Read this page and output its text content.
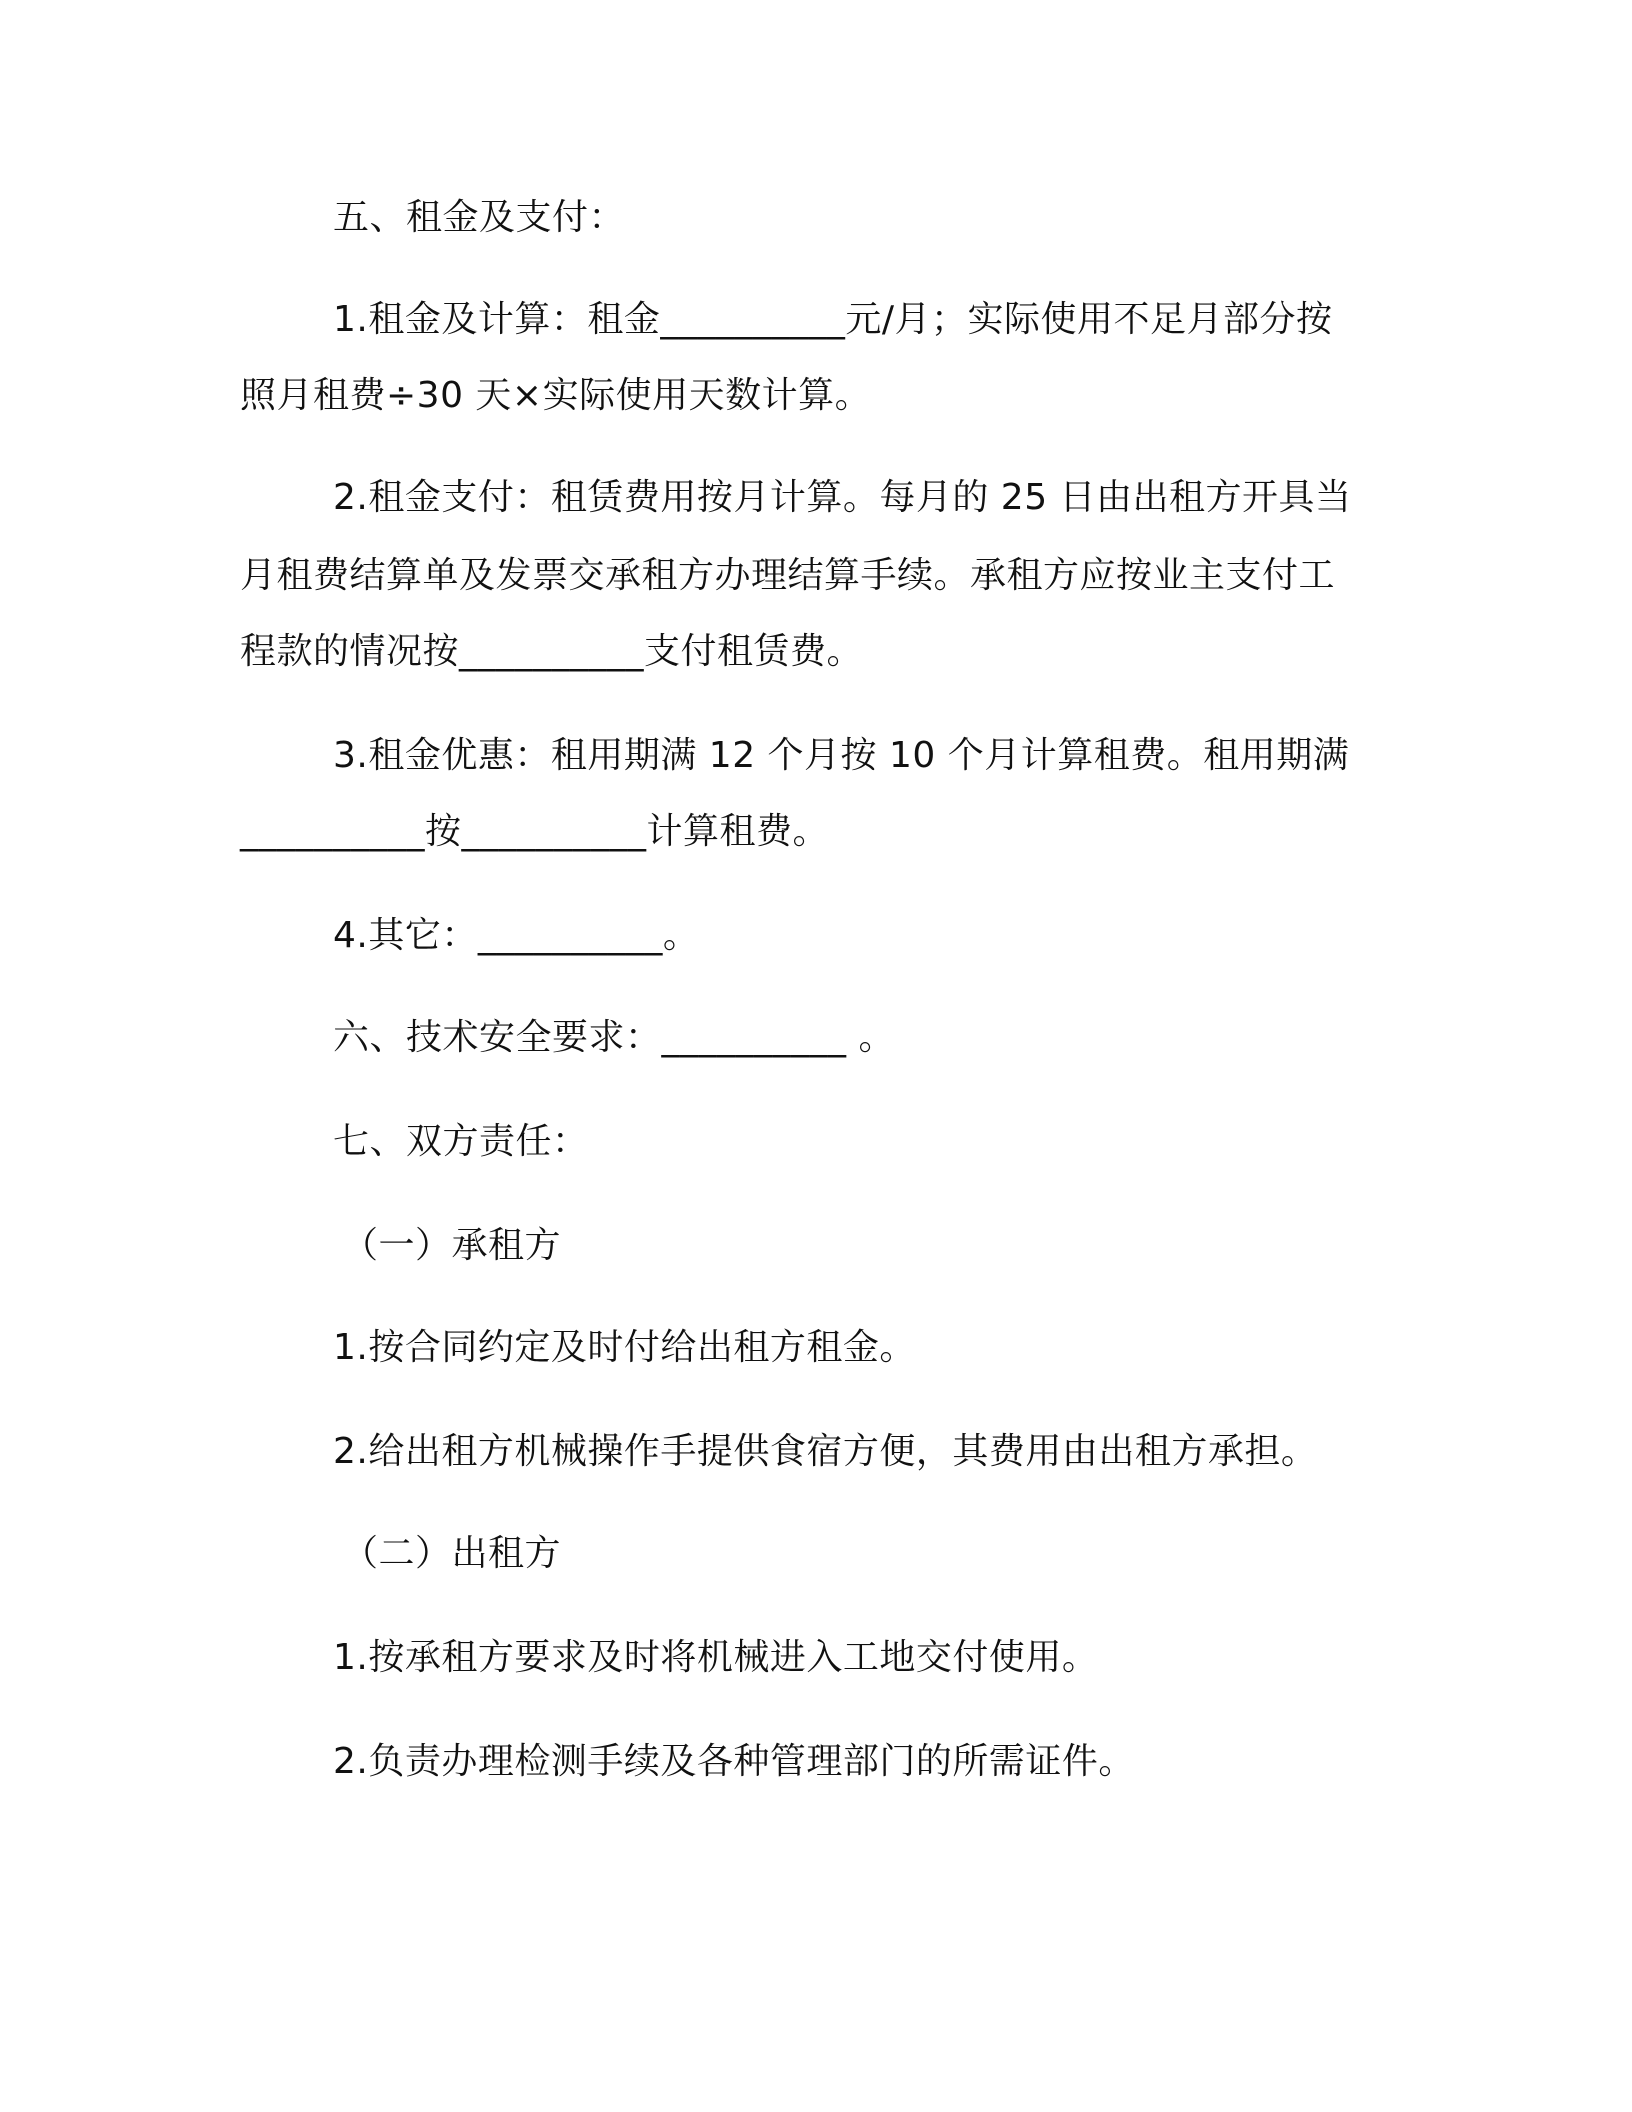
五、租金及支付：
1.租金及计算：租金__________元/月；实际使用不足月部分按
照月租费÷30 天×实际使用天数计算。
2.租金支付：租赁费用按月计算。每月的 25 日由出租方开具当
月租费结算单及发票交承租方办理结算手续。承租方应按业主支付工
程款的情况按__________支付租赁费。
3.租金优惠：租用期满 12 个月按 10 个月计算租费。租用期满
__________按__________计算租费。
4.其它：__________。
六、技术安全要求：__________ 。
七、双方责任：
（一）承租方
1.按合同约定及时付给出租方租金。
2.给出租方机械操作手提供食宿方便，其费用由出租方承担。
（二）出租方
1.按承租方要求及时将机械进入工地交付使用。
2.负责办理检测手续及各种管理部门的所需证件。
